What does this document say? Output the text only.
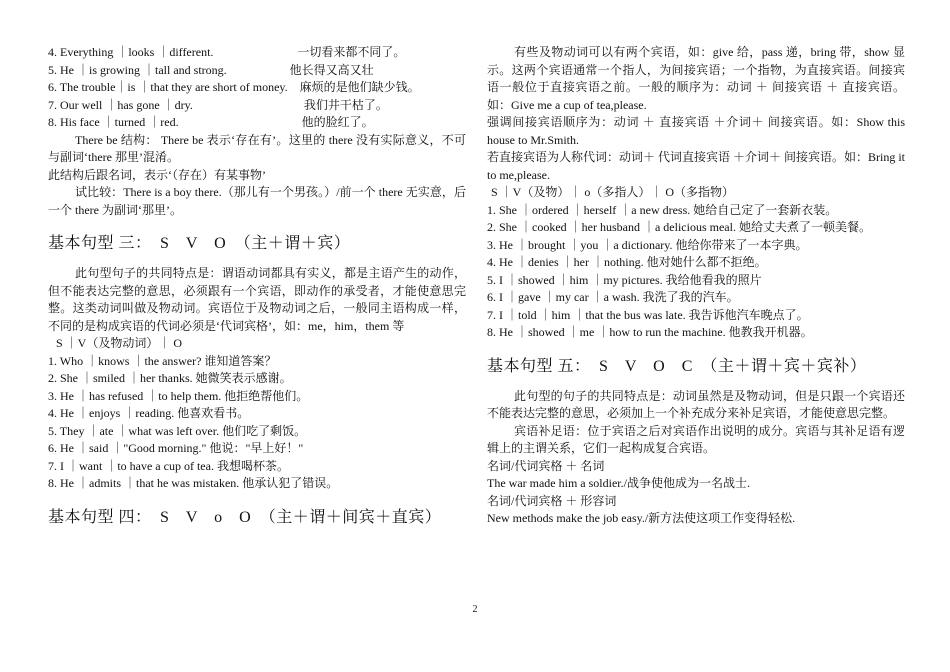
4. Everything ｜looks ｜different.　　　　　　　一切看来都不同了。
5. He ｜is growing ｜tall and strong.　　　　　 他长得又高又壮
6. The trouble｜is ｜that they are short of money.　麻烦的是他们缺少钱。
7. Our well ｜has gone ｜dry.　　　　　　　　　 我们井干枯了。
8. His face ｜turned ｜red.　　　　　　　　　　 他的脸红了。
There be 结构： There be 表示‘存在有’。这里的 there 没有实际意义，不可与副词‘there 那里’混淆。
此结构后跟名词，表示‘（存在）有某事物’
试比较：There is a boy there.（那儿有一个男孩。）/前一个 there 无实意，后一个 there 为副词‘那里’。
基本句型 三：　S　V　O　（主＋谓＋宾）
此句型句子的共同特点是：谓语动词都具有实义，都是主语产生的动作，但不能表达完整的意思，必须跟有一个宾语，即动作的承受者，才能使意思完整。这类动词叫做及物动词。宾语位于及物动词之后，一般同主语构成一样，不同的是构成宾语的代词必须是‘代词宾格’，如：me，him，them 等
S ｜V（及物动词）｜ O
1. Who ｜knows ｜the answer? 谁知道答案？
2. She ｜smiled ｜her thanks. 她微笑表示感谢。
3. He ｜has refused ｜to help them. 他拒绝帮他们。
4. He ｜enjoys ｜reading. 他喜欢看书。
5. They ｜ate ｜what was left over. 他们吃了剩饭。
6. He ｜said ｜"Good morning." 他说："早上好！"
7. I ｜want ｜to have a cup of tea. 我想喝杯茶。
8. He ｜admits ｜that he was mistaken. 他承认犯了错误。
基本句型 四：　S　V　o　O　（主＋谓＋间宾＋直宾）
有些及物动词可以有两个宾语，如：give 给，pass 递，bring 带，show 显示。这两个宾语通常一个指人，为间接宾语；一个指物，为直接宾语。间接宾语一般位于直接宾语之前。一般的顺序为：动词 ＋ 间接宾语 ＋ 直接宾语。如：Give me a cup of tea,please.
强调间接宾语顺序为：动词 ＋ 直接宾语 ＋介词＋ 间接宾语。如：Show this house to Mr.Smith.
若直接宾语为人称代词：动词＋ 代词直接宾语 ＋介词＋ 间接宾语。如：Bring it to me,please.
S ｜V（及物）｜ o（多指人）｜ O（多指物）
1. She ｜ordered ｜herself ｜a new dress. 她给自己定了一套新衣装。
2. She ｜cooked ｜her husband ｜a delicious meal. 她给丈夫煮了一顿美餐。
3. He ｜brought ｜you ｜a dictionary. 他给你带来了一本字典。
4. He ｜denies ｜her ｜nothing. 他对她什么都不拒绝。
5. I ｜showed ｜him ｜my pictures. 我给他看我的照片
6. I ｜gave ｜my car ｜a wash. 我洗了我的汽车。
7. I ｜told ｜him ｜that the bus was late. 我告诉他汽车晚点了。
8. He ｜showed ｜me ｜how to run the machine. 他教我开机器。
基本句型 五：　S　V　O　C　（主＋谓＋宾＋宾补）
此句型的句子的共同特点是：动词虽然是及物动词，但是只跟一个宾语还不能表达完整的意思，必须加上一个补充成分来补足宾语，才能使意思完整。
宾语补足语：位于宾语之后对宾语作出说明的成分。宾语与其补足语有逻辑上的主谓关系，它们一起构成复合宾语。
名词/代词宾格 ＋ 名词
The war made him a soldier./战争使他成为一名战士.
名词/代词宾格 ＋ 形容词
New methods make the job easy./新方法使这项工作变得轻松.
2
